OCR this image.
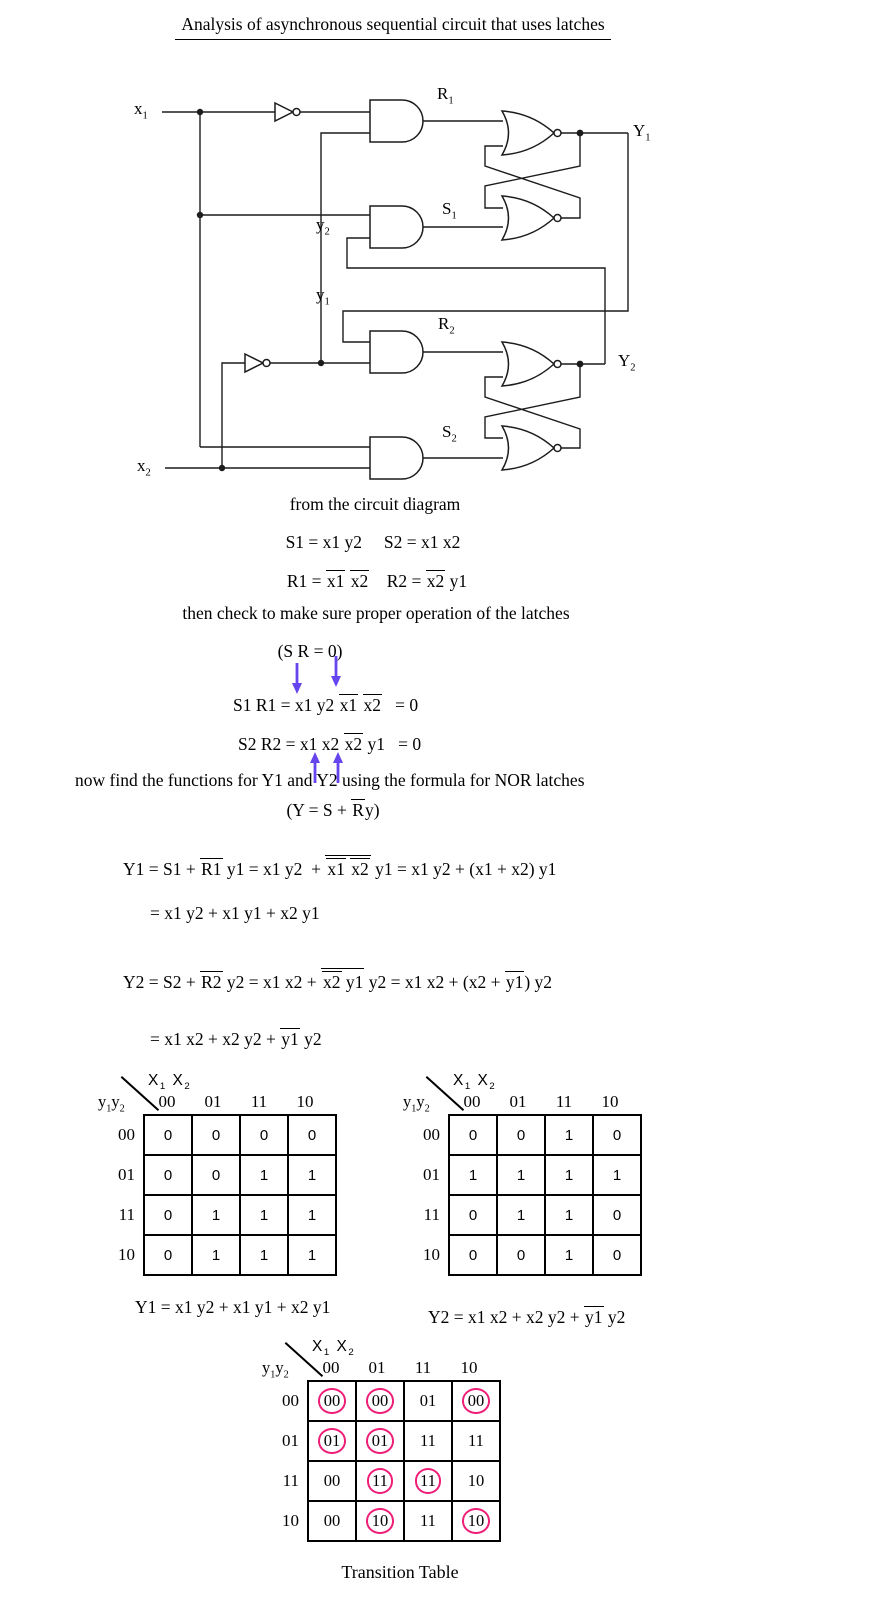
Analysis of asynchronous sequential circuit that uses latches
$x_1$
$x_2$
$y_2$
$y_1$
$R_1$
$S_1$
$R_2$
$S_2$
$Y_1$
$Y_2$
from the circuit diagram
S1 = x1 y2     S2 = x1 x2
R1 = x1 x2    R2 = x2 y1
then check to make sure proper operation of the latches
(S R = 0)
S1 R1 = x1 y2 x1 x2   = 0
S2 R2 = x1 x2 x2 y1   = 0
now find the functions for Y1 and Y2 using the formula for NOR latches
(Y = S + Ry)
Y1 = S1 + R1 y1 = x1 y2  + x1 x2 y1 = x1 y2 + (x1 + x2) y1
= x1 y2 + x1 y1 + x2 y1
Y2 = S2 + R2 y2 = x1 x2 + x2 y1 y2 = x1 x2 + (x2 + y1) y2
= x1 x2 + x2 y2 + y1 y2
$X_1$ $X_2$
$y_1y_2$	00	01	11	10
00	0	0	0	0
01	0	0	1	1
11	0	1	1	1
10	0	1	1	1
$X_1$ $X_2$
$y_1y_2$	00	01	11	10
00	0	0	1	0
01	1	1	1	1
11	0	1	1	0
10	0	0	1	0
Y1 = x1 y2 + x1 y1 + x2 y1	Y2 = x1 x2 + x2 y2 + y1 y2
$X_1$ $X_2$
$y_1y_2$	00	01	11	10
00	00	00	01	00
01	01	01	11	11
11	00	11	11	10
10	00	10	11	10
Transition Table
